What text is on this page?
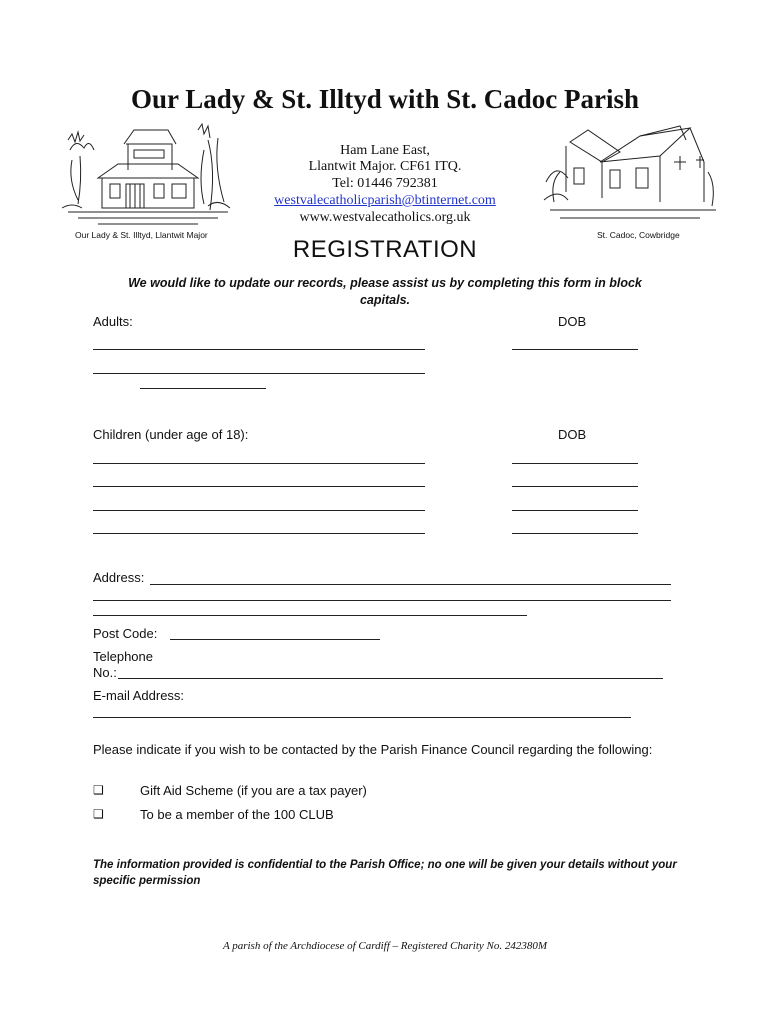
Our Lady & St. Illtyd with St. Cadoc Parish
Our Lady & St. Illtyd, Llantwit Major
Ham Lane East,
Llantwit Major. CF61 ITQ.
Tel: 01446 792381
westvalecatholicparish@btinternet.com
www.westvalecatholics.org.uk
St. Cadoc, Cowbridge
REGISTRATION
We would like to update our records, please assist us by completing this form in block capitals.
Adults:	DOB
Children (under age of 18):	DOB
Address:
Post Code:
Telephone
No.:
E-mail Address:
Please indicate if you wish to be contacted by the Parish Finance Council regarding the following:
❑	Gift Aid Scheme (if you are a tax payer)
❑	To be a member of the 100 CLUB
The information provided is confidential to the Parish Office; no one will be given your details without your specific permission
A parish of the Archdiocese of Cardiff – Registered Charity No. 242380M
